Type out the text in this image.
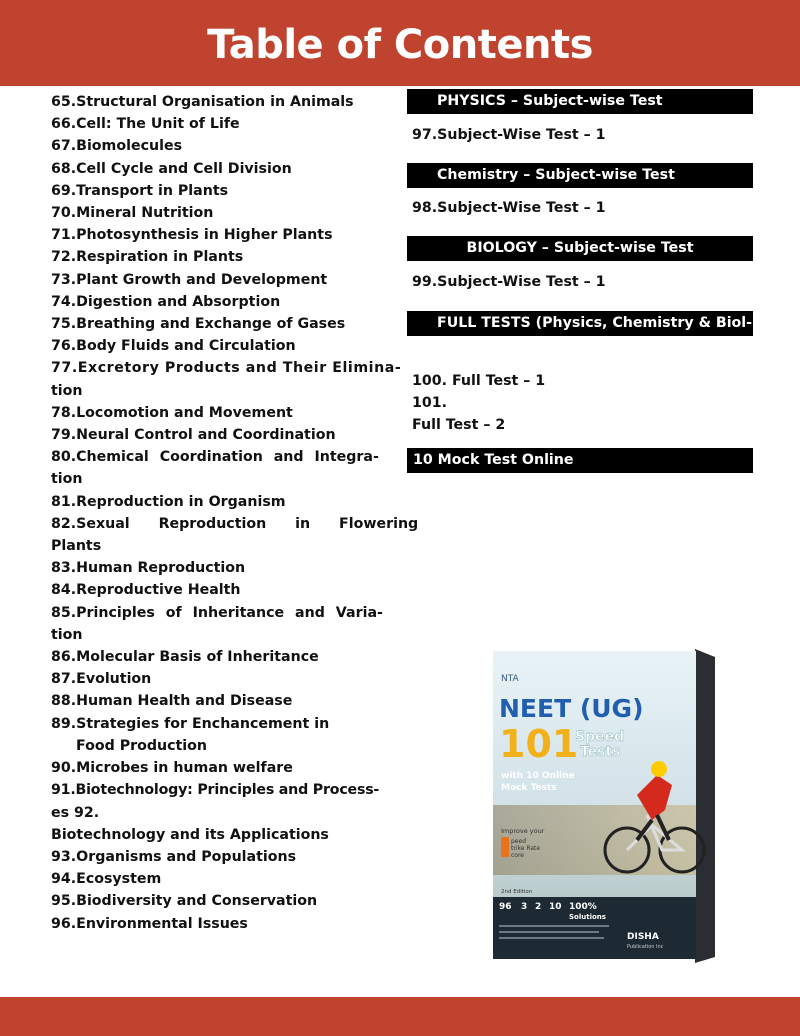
Table of Contents
65.Structural Organisation in Animals
66.Cell: The Unit of Life
67.Biomolecules
68.Cell Cycle and Cell Division
69.Transport in Plants
70.Mineral Nutrition
71.Photosynthesis in Higher Plants
72.Respiration in Plants
73.Plant Growth and Development
74.Digestion and Absorption
75.Breathing and Exchange of Gases
76.Body Fluids and Circulation
77.Excretory Products and Their Elimina-
tion
78.Locomotion and Movement
79.Neural Control and Coordination
80.Chemical Coordination and Integra-
tion
81.Reproduction in Organism
82.Sexual Reproduction in Flowering
Plants
83.Human Reproduction
84.Reproductive Health
85.Principles of Inheritance and Varia-
tion
86.Molecular Basis of Inheritance
87.Evolution
88.Human Health and Disease
89.Strategies for Enchancement in
Food Production
90.Microbes in human welfare
91.Biotechnology: Principles and Process-
es 92.
Biotechnology and its Applications
93.Organisms and Populations
94.Ecosystem
95.Biodiversity and Conservation
96.Environmental Issues
PHYSICS – Subject-wise Test
97.Subject-Wise Test – 1
Chemistry – Subject-wise Test
98.Subject-Wise Test – 1
BIOLOGY – Subject-wise Test
99.Subject-Wise Test – 1
FULL TESTS (Physics, Chemistry & Biol-
100. Full Test – 1
101.
Full Test – 2
10 Mock Test Online
NTA
NEET (UG)
101
Speed
Tests
with 10 Online
Mock Tests
Improve your
peed
trike Rate
core
2nd Edition
96 3 2 10 100%
Solutions
DISHA
Publication Inc
